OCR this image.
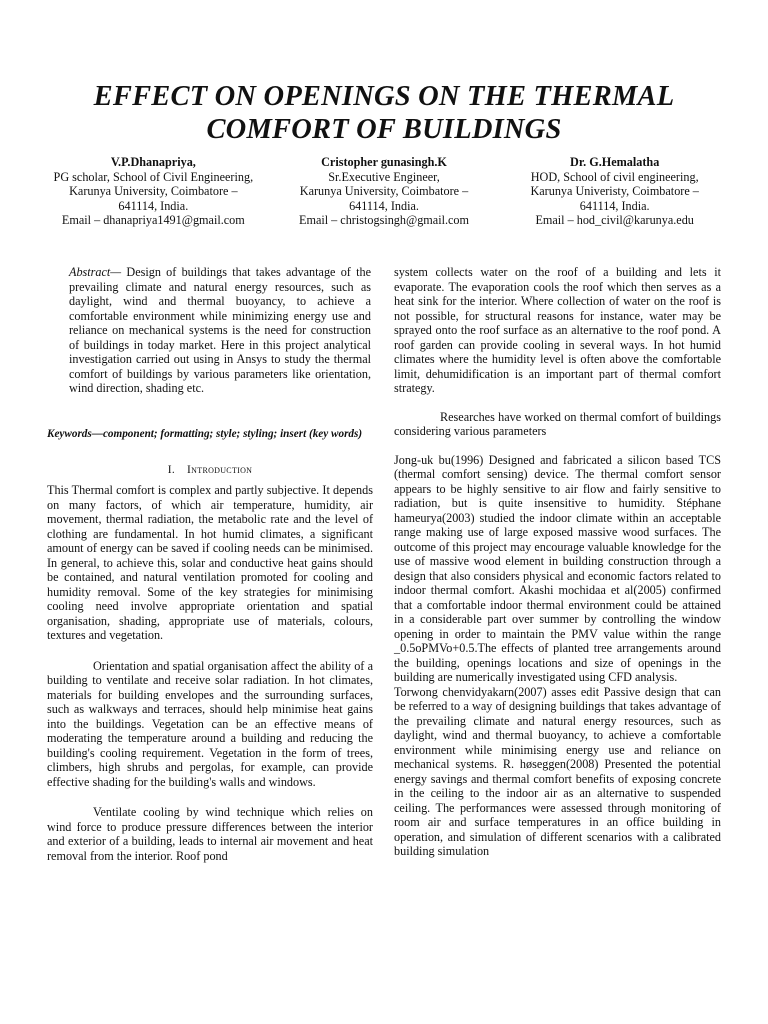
EFFECT ON OPENINGS ON THE THERMAL COMFORT OF BUILDINGS
V.P.Dhanapriya,
PG scholar, School of Civil Engineering,
Karunya University, Coimbatore –
641114, India.
Email – dhanapriya1491@gmail.com
Cristopher gunasingh.K
Sr.Executive Engineer,
Karunya University, Coimbatore –
641114, India.
Email – christogsingh@gmail.com
Dr. G.Hemalatha
HOD, School of civil engineering,
Karunya Univeristy, Coimbatore –
641114, India.
Email – hod_civil@karunya.edu

Abstract— Design of buildings that takes advantage of the prevailing climate and natural energy resources, such as daylight, wind and thermal buoyancy, to achieve a comfortable environment while minimizing energy use and reliance on mechanical systems is the need for construction of buildings in today market. Here in this project analytical investigation carried out using in Ansys to study the thermal comfort of buildings by various parameters like orientation, wind direction, shading etc.

Keywords—component; formatting; style; styling; insert (key words)

I. Introduction

This Thermal comfort is complex and partly subjective. It depends on many factors, of which air temperature, humidity, air movement, thermal radiation, the metabolic rate and the level of clothing are fundamental. In hot humid climates, a significant amount of energy can be saved if cooling needs can be minimised. In general, to achieve this, solar and conductive heat gains should be contained, and natural ventilation promoted for cooling and humidity removal. Some of the key strategies for minimising cooling need involve appropriate orientation and spatial organisation, shading, appropriate use of materials, colours, textures and vegetation.

Orientation and spatial organisation affect the ability of a building to ventilate and receive solar radiation. In hot climates, materials for building envelopes and the surrounding surfaces, such as walkways and terraces, should help minimise heat gains into the buildings. Vegetation can be an effective means of moderating the temperature around a building and reducing the building's cooling requirement. Vegetation in the form of trees, climbers, high shrubs and pergolas, for example, can provide effective shading for the building's walls and windows.

Ventilate cooling by wind technique which relies on wind force to produce pressure differences between the interior and exterior of a building, leads to internal air movement and heat removal from the interior. Roof pond

system collects water on the roof of a building and lets it evaporate. The evaporation cools the roof which then serves as a heat sink for the interior. Where collection of water on the roof is not possible, for structural reasons for instance, water may be sprayed onto the roof surface as an alternative to the roof pond. A roof garden can provide cooling in several ways. In hot humid climates where the humidity level is often above the comfortable limit, dehumidification is an important part of thermal comfort strategy.

Researches have worked on thermal comfort of buildings considering various parameters

Jong-uk bu(1996) Designed and fabricated a silicon based TCS (thermal comfort sensing) device. The thermal comfort sensor appears to be highly sensitive to air flow and fairly sensitive to radiation, but is quite insensitive to humidity. Stéphane hameurya(2003) studied the indoor climate within an acceptable range making use of large exposed massive wood surfaces. The outcome of this project may encourage valuable knowledge for the use of massive wood element in building construction through a design that also considers physical and economic factors related to indoor thermal comfort. Akashi mochidaa et al(2005) confirmed that a comfortable indoor thermal environment could be attained in a considerable part over summer by controlling the window opening in order to maintain the PMV value within the range _0.5oPMVo+0.5.The effects of planted tree arrangements around the building, openings locations and size of openings in the building are numerically investigated using CFD analysis.

Torwong chenvidyakarn(2007) asses edit Passive design that can be referred to a way of designing buildings that takes advantage of the prevailing climate and natural energy resources, such as daylight, wind and thermal buoyancy, to achieve a comfortable environment while minimising energy use and reliance on mechanical systems. R. høseggen(2008) Presented the potential energy savings and thermal comfort benefits of exposing concrete in the ceiling to the indoor air as an alternative to suspended ceiling. The performances were assessed through monitoring of room air and surface temperatures in an office building in operation, and simulation of different scenarios with a calibrated building simulation
